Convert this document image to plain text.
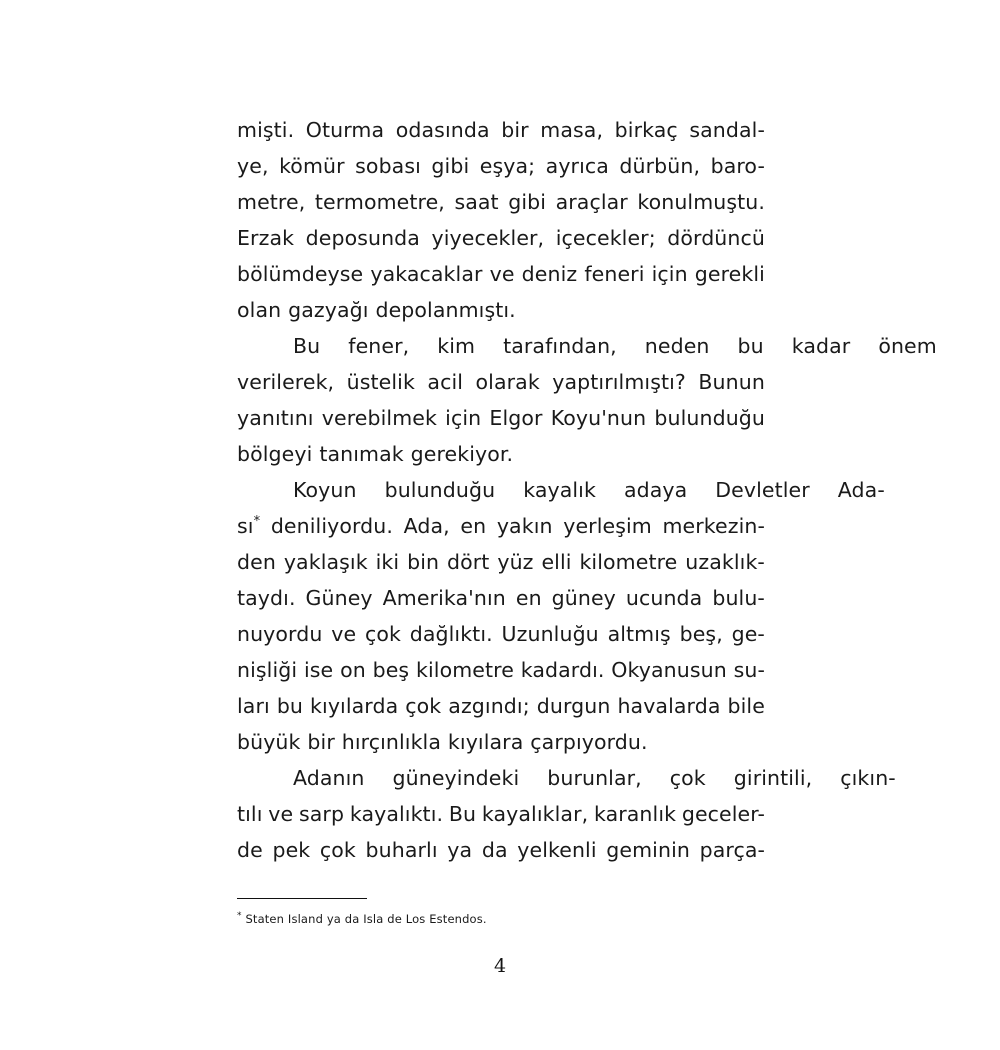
mişti. Oturma odasında bir masa, birkaç sandal-
ye, kömür sobası gibi eşya; ayrıca dürbün, baro-
metre, termometre, saat gibi araçlar konulmuştu.
Erzak deposunda yiyecekler, içecekler; dördüncü
bölümdeyse yakacaklar ve deniz feneri için gerekli
olan gazyağı depolanmıştı.

Bu	fener,	kim	tarafından,	neden	bu	kadar	önem
verilerek, üstelik acil olarak yaptırılmıştı? Bunun
yanıtını verebilmek için Elgor Koyu'nun bulunduğu
bölgeyi tanımak gerekiyor.

Koyun	bulunduğu	kayalık	adaya	Devletler	Ada-
sı* deniliyordu. Ada, en yakın yerleşim merkezin-
den yaklaşık iki bin dört yüz elli kilometre uzaklık-
taydı. Güney Amerika'nın en güney ucunda bulu-
nuyordu ve çok dağlıktı. Uzunluğu altmış beş, ge-
nişliği ise on beş kilometre kadardı. Okyanusun su-
ları bu kıyılarda çok azgındı; durgun havalarda bile
büyük bir hırçınlıkla kıyılara çarpıyordu.

Adanın	güneyindeki	burunlar,	çok	girintili,	çıkın-
tılı ve sarp kayalıktı. Bu kayalıklar, karanlık geceler-
de pek çok buharlı ya da yelkenli geminin parça-

* Staten Island ya da Isla de Los Estendos.

4
